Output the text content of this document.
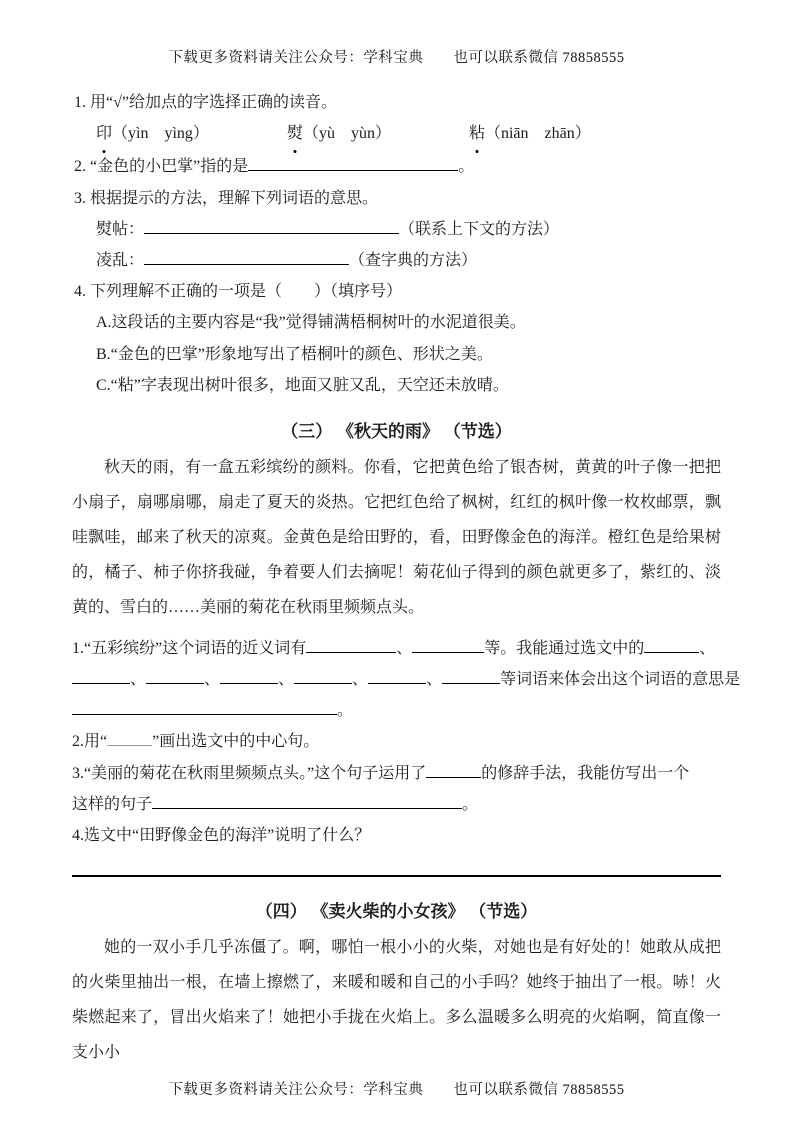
下载更多资料请关注公众号：学科宝典　　也可以联系微信 78858555
1. 用“√”给加点的字选择正确的读音。
印
（yìn　yìng）	熨
（yù　yùn）	粘
（niān　zhān）
2. “金色的小巴掌”指的是	。
3. 根据提示的方法，理解下列词语的意思。
熨帖：	（联系上下文的方法）
凌乱：	（查字典的方法）
4. 下列理解不正确的一项是（　　）（填序号）
A.这段话的主要内容是“我”觉得铺满梧桐树叶的水泥道很美。
B.“金色的巴掌”形象地写出了梧桐叶的颜色、形状之美。
C.“粘”字表现出树叶很多，地面又脏又乱，天空还未放晴。
（三） 《秋天的雨》 （节选）

秋天的雨，有一盒五彩缤纷的颜料。你看，它把黄色给了银杏树，黄黄的叶子像一把把小扇子，扇哪扇哪，扇走了夏天的炎热。它把红色给了枫树，红红的枫叶像一枚枚邮票，飘哇飘哇，邮来了秋天的凉爽。金黄色是给田野的，看，田野像金色的海洋。橙红色是给果树的，橘子、柿子你挤我碰，争着要人们去摘呢！菊花仙子得到的颜色就更多了，紫红的、淡黄的、雪白的……美丽的菊花在秋雨里频频点头。

1.“五彩缤纷”这个词语的近义词有	、	等。我能通过选文中的	、
、	、	、	、	、	等词语来体会出这个词语的意思是
。
2.用“	”画出选文中的中心句。
3.“美丽的菊花在秋雨里频频点头。”这个句子运用了	的修辞手法，我能仿写出一个
这样的句子	。
4.选文中“田野像金色的海洋”说明了什么？
（四） 《卖火柴的小女孩》 （节选）

她的一双小手几乎冻僵了。啊，哪怕一根小小的火柴，对她也是有好处的！她敢从成把的火柴里抽出一根，在墙上擦燃了，来暖和暖和自己的小手吗？她终于抽出了一根。哧！火柴燃起来了，冒出火焰来了！她把小手拢在火焰上。多么温暖多么明亮的火焰啊，简直像一支小小

下载更多资料请关注公众号：学科宝典　　也可以联系微信 78858555
